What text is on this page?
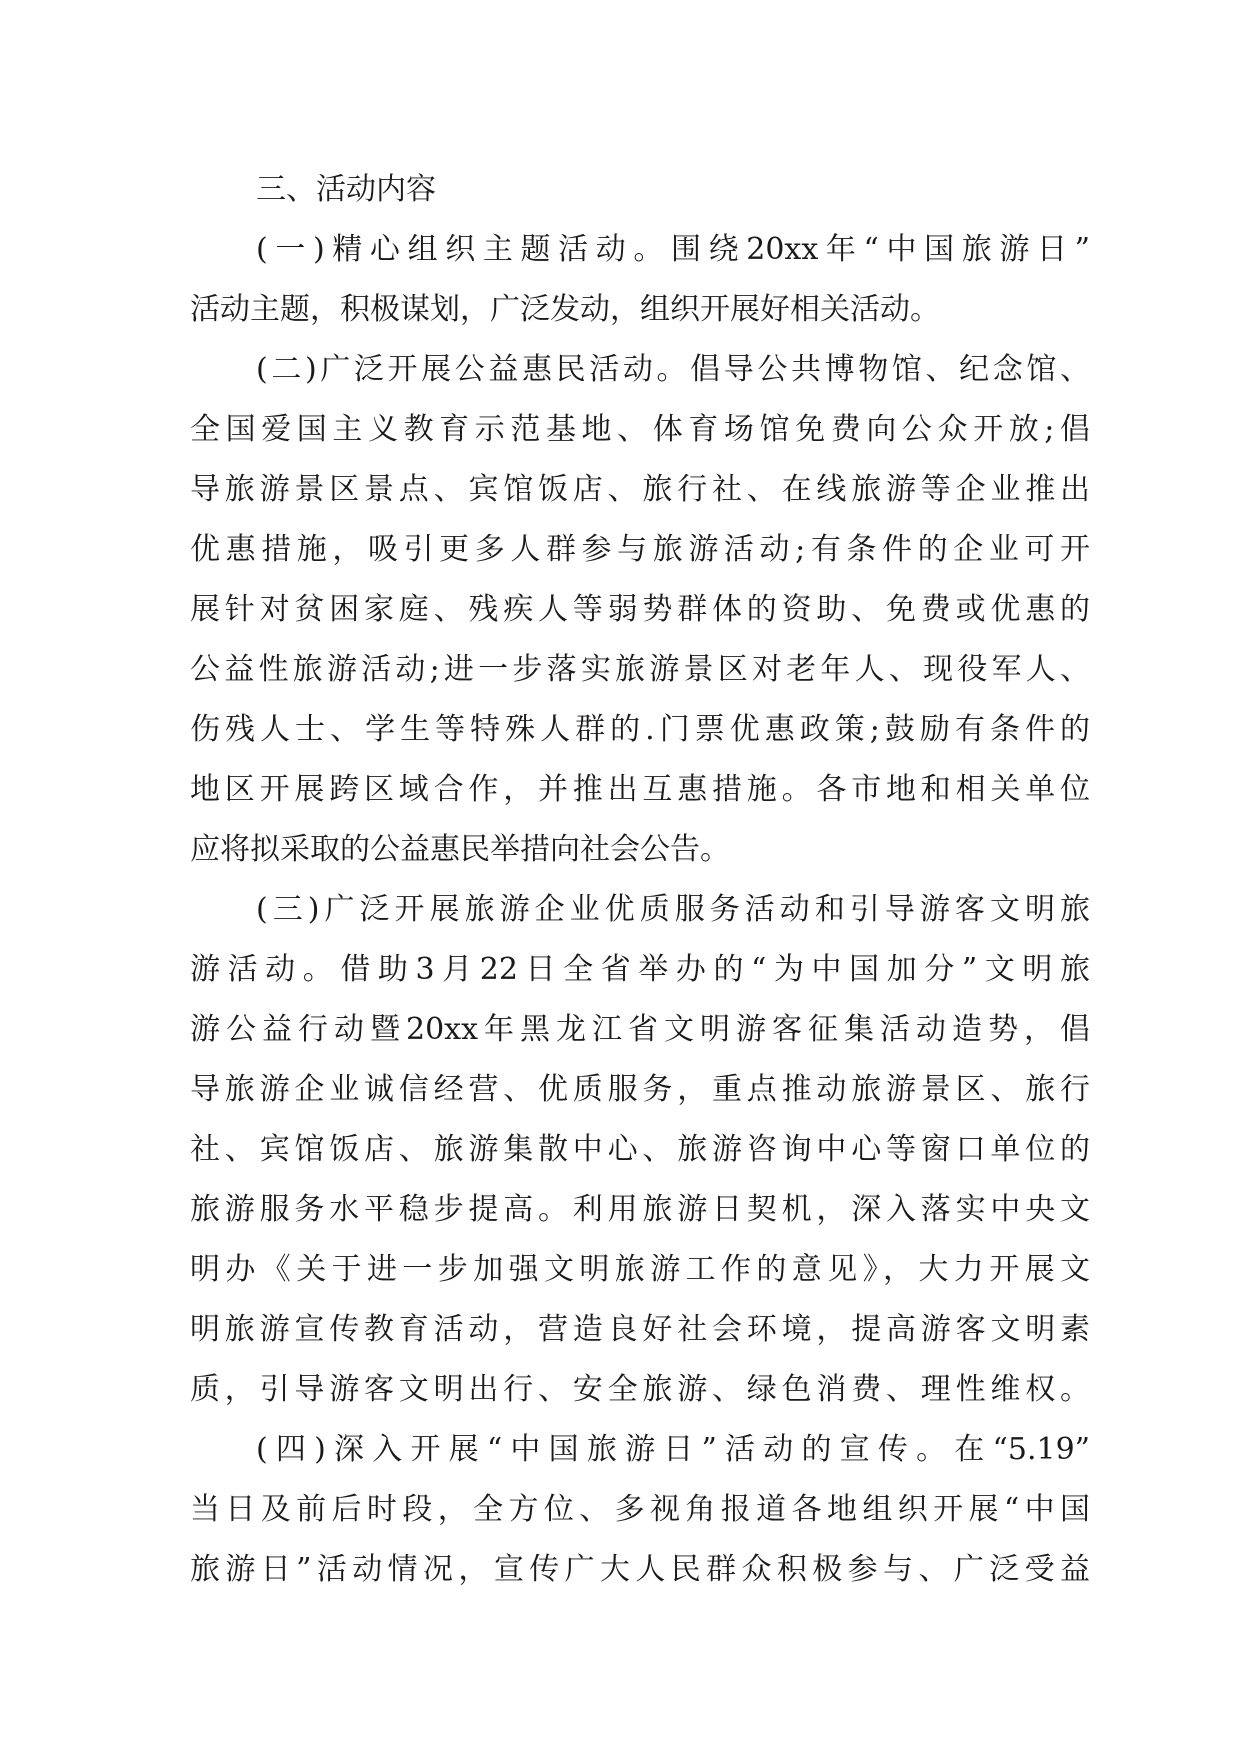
三、活动内容
(一)精心组织主题活动。围绕20xx年“中国旅游日”
活动主题，积极谋划，广泛发动，组织开展好相关活动。
(二)广泛开展公益惠民活动。倡导公共博物馆、纪念馆、
全国爱国主义教育示范基地、体育场馆免费向公众开放;倡
导旅游景区景点、宾馆饭店、旅行社、在线旅游等企业推出
优惠措施，吸引更多人群参与旅游活动;有条件的企业可开
展针对贫困家庭、残疾人等弱势群体的资助、免费或优惠的
公益性旅游活动;进一步落实旅游景区对老年人、现役军人、
伤残人士、学生等特殊人群的.门票优惠政策;鼓励有条件的
地区开展跨区域合作，并推出互惠措施。各市地和相关单位
应将拟采取的公益惠民举措向社会公告。
(三)广泛开展旅游企业优质服务活动和引导游客文明旅
游活动。借助3月22日全省举办的“为中国加分”文明旅
游公益行动暨20xx年黑龙江省文明游客征集活动造势，倡
导旅游企业诚信经营、优质服务，重点推动旅游景区、旅行
社、宾馆饭店、旅游集散中心、旅游咨询中心等窗口单位的
旅游服务水平稳步提高。利用旅游日契机，深入落实中央文
明办《关于进一步加强文明旅游工作的意见》，大力开展文
明旅游宣传教育活动，营造良好社会环境，提高游客文明素
质，引导游客文明出行、安全旅游、绿色消费、理性维权。
(四)深入开展“中国旅游日”活动的宣传。在“5.19”
当日及前后时段，全方位、多视角报道各地组织开展“中国
旅游日”活动情况，宣传广大人民群众积极参与、广泛受益
